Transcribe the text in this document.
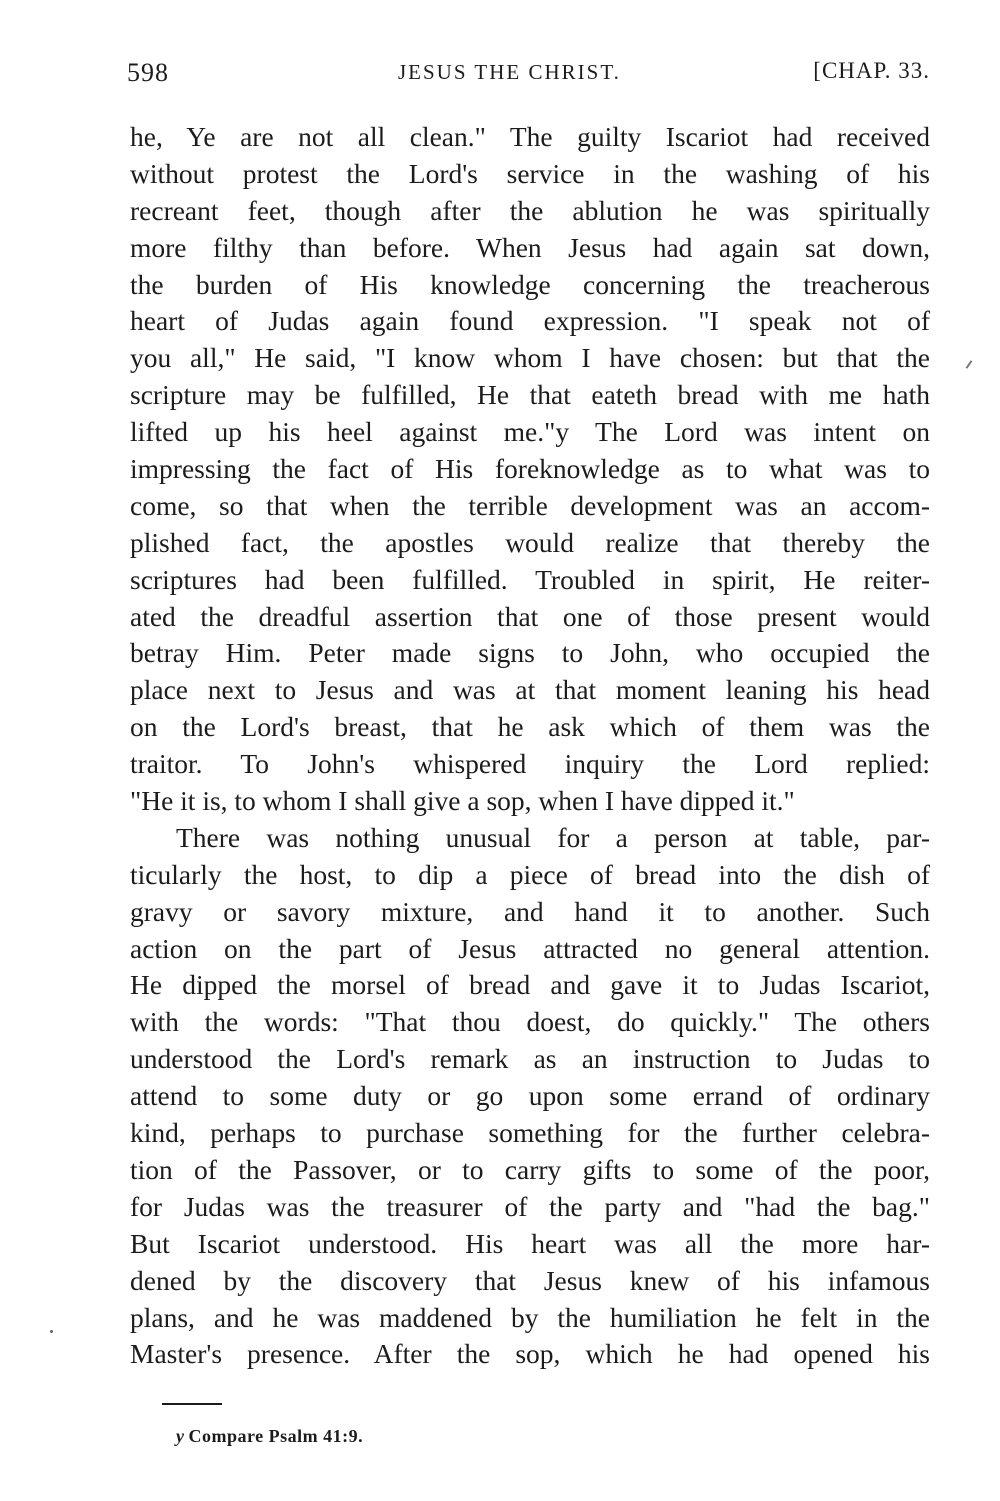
598	JESUS THE CHRIST.	[CHAP. 33.
he, Ye are not all clean." The guilty Iscariot had received
without protest the Lord's service in the washing of his
recreant feet, though after the ablution he was spiritually
more filthy than before. When Jesus had again sat down,
the burden of His knowledge concerning the treacherous
heart of Judas again found expression. "I speak not of
you all," He said, "I know whom I have chosen: but that the
scripture may be fulfilled, He that eateth bread with me hath
lifted up his heel against me."y The Lord was intent on
impressing the fact of His foreknowledge as to what was to
come, so that when the terrible development was an accom-
plished fact, the apostles would realize that thereby the
scriptures had been fulfilled. Troubled in spirit, He reiter-
ated the dreadful assertion that one of those present would
betray Him. Peter made signs to John, who occupied the
place next to Jesus and was at that moment leaning his head
on the Lord's breast, that he ask which of them was the
traitor. To John's whispered inquiry the Lord replied:
"He it is, to whom I shall give a sop, when I have dipped it."
There was nothing unusual for a person at table, par-
ticularly the host, to dip a piece of bread into the dish of
gravy or savory mixture, and hand it to another. Such
action on the part of Jesus attracted no general attention.
He dipped the morsel of bread and gave it to Judas Iscariot,
with the words: "That thou doest, do quickly." The others
understood the Lord's remark as an instruction to Judas to
attend to some duty or go upon some errand of ordinary
kind, perhaps to purchase something for the further celebra-
tion of the Passover, or to carry gifts to some of the poor,
for Judas was the treasurer of the party and "had the bag."
But Iscariot understood. His heart was all the more har-
dened by the discovery that Jesus knew of his infamous
plans, and he was maddened by the humiliation he felt in the
Master's presence. After the sop, which he had opened his
y Compare Psalm 41:9.
